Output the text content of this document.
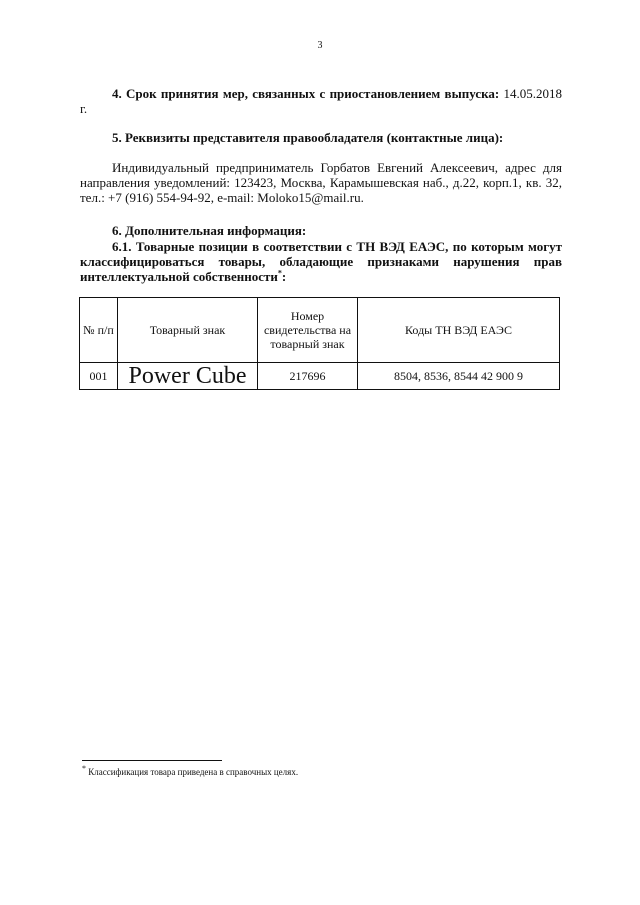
3
4. Срок принятия мер, связанных с приостановлением выпуска: 14.05.2018 г.
5. Реквизиты представителя правообладателя (контактные лица):
Индивидуальный предприниматель Горбатов Евгений Алексеевич, адрес для направления уведомлений: 123423, Москва, Карамышевская наб., д.22, корп.1, кв. 32, тел.: +7 (916) 554-94-92, e-mail: Moloko15@mail.ru.
6. Дополнительная информация:
6.1. Товарные позиции в соответствии с ТН ВЭД ЕАЭС, по которым могут классифицироваться товары, обладающие признаками нарушения прав интеллектуальной собственности*:
№ п/п	Товарный знак	Номер свидетельства на товарный знак	Коды ТН ВЭД ЕАЭС
001	Power Cube	217696	8504, 8536, 8544 42 900 9
* Классификация товара приведена в справочных целях.
